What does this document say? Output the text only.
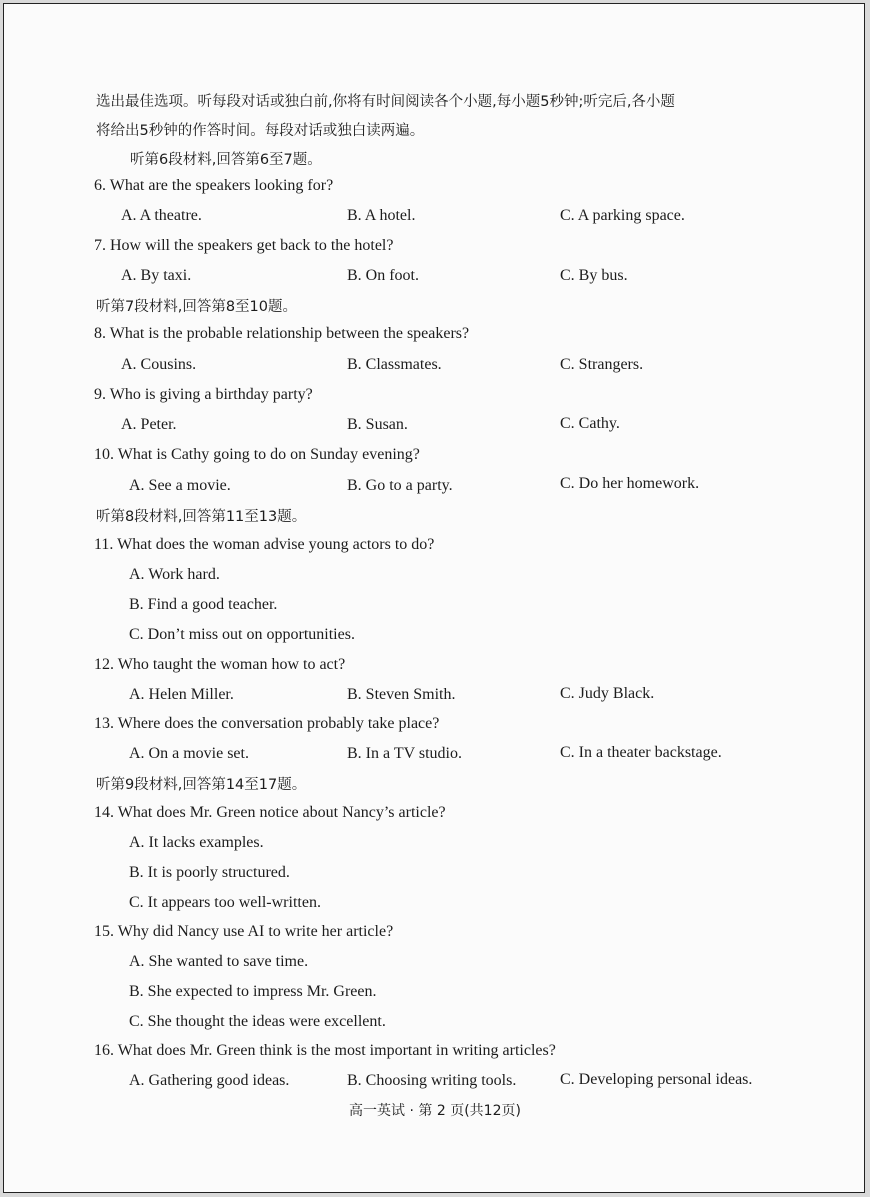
选出最佳选项。听每段对话或独白前,你将有时间阅读各个小题,每小题5秒钟;听完后,各小题
将给出5秒钟的作答时间。每段对话或独白读两遍。
听第6段材料,回答第6至7题。
6. What are the speakers looking for?
A. A theatre.	B. A hotel.	C. A parking space.
7. How will the speakers get back to the hotel?
A. By taxi.	B. On foot.	C. By bus.
听第7段材料,回答第8至10题。
8. What is the probable relationship between the speakers?
A. Cousins.	B. Classmates.	C. Strangers.
9. Who is giving a birthday party?
A. Peter.	B. Susan.	C. Cathy.
10. What is Cathy going to do on Sunday evening?
A. See a movie.	B. Go to a party.	C. Do her homework.
听第8段材料,回答第11至13题。
11. What does the woman advise young actors to do?
A. Work hard.
B. Find a good teacher.
C. Don’t miss out on opportunities.
12. Who taught the woman how to act?
A. Helen Miller.	B. Steven Smith.	C. Judy Black.
13. Where does the conversation probably take place?
A. On a movie set.	B. In a TV studio.	C. In a theater backstage.
听第9段材料,回答第14至17题。
14. What does Mr. Green notice about Nancy’s article?
A. It lacks examples.
B. It is poorly structured.
C. It appears too well-written.
15. Why did Nancy use AI to write her article?
A. She wanted to save time.
B. She expected to impress Mr. Green.
C. She thought the ideas were excellent.
16. What does Mr. Green think is the most important in writing articles?
A. Gathering good ideas.	B. Choosing writing tools.	C. Developing personal ideas.
高一英试 · 第 2 页(共12页)
